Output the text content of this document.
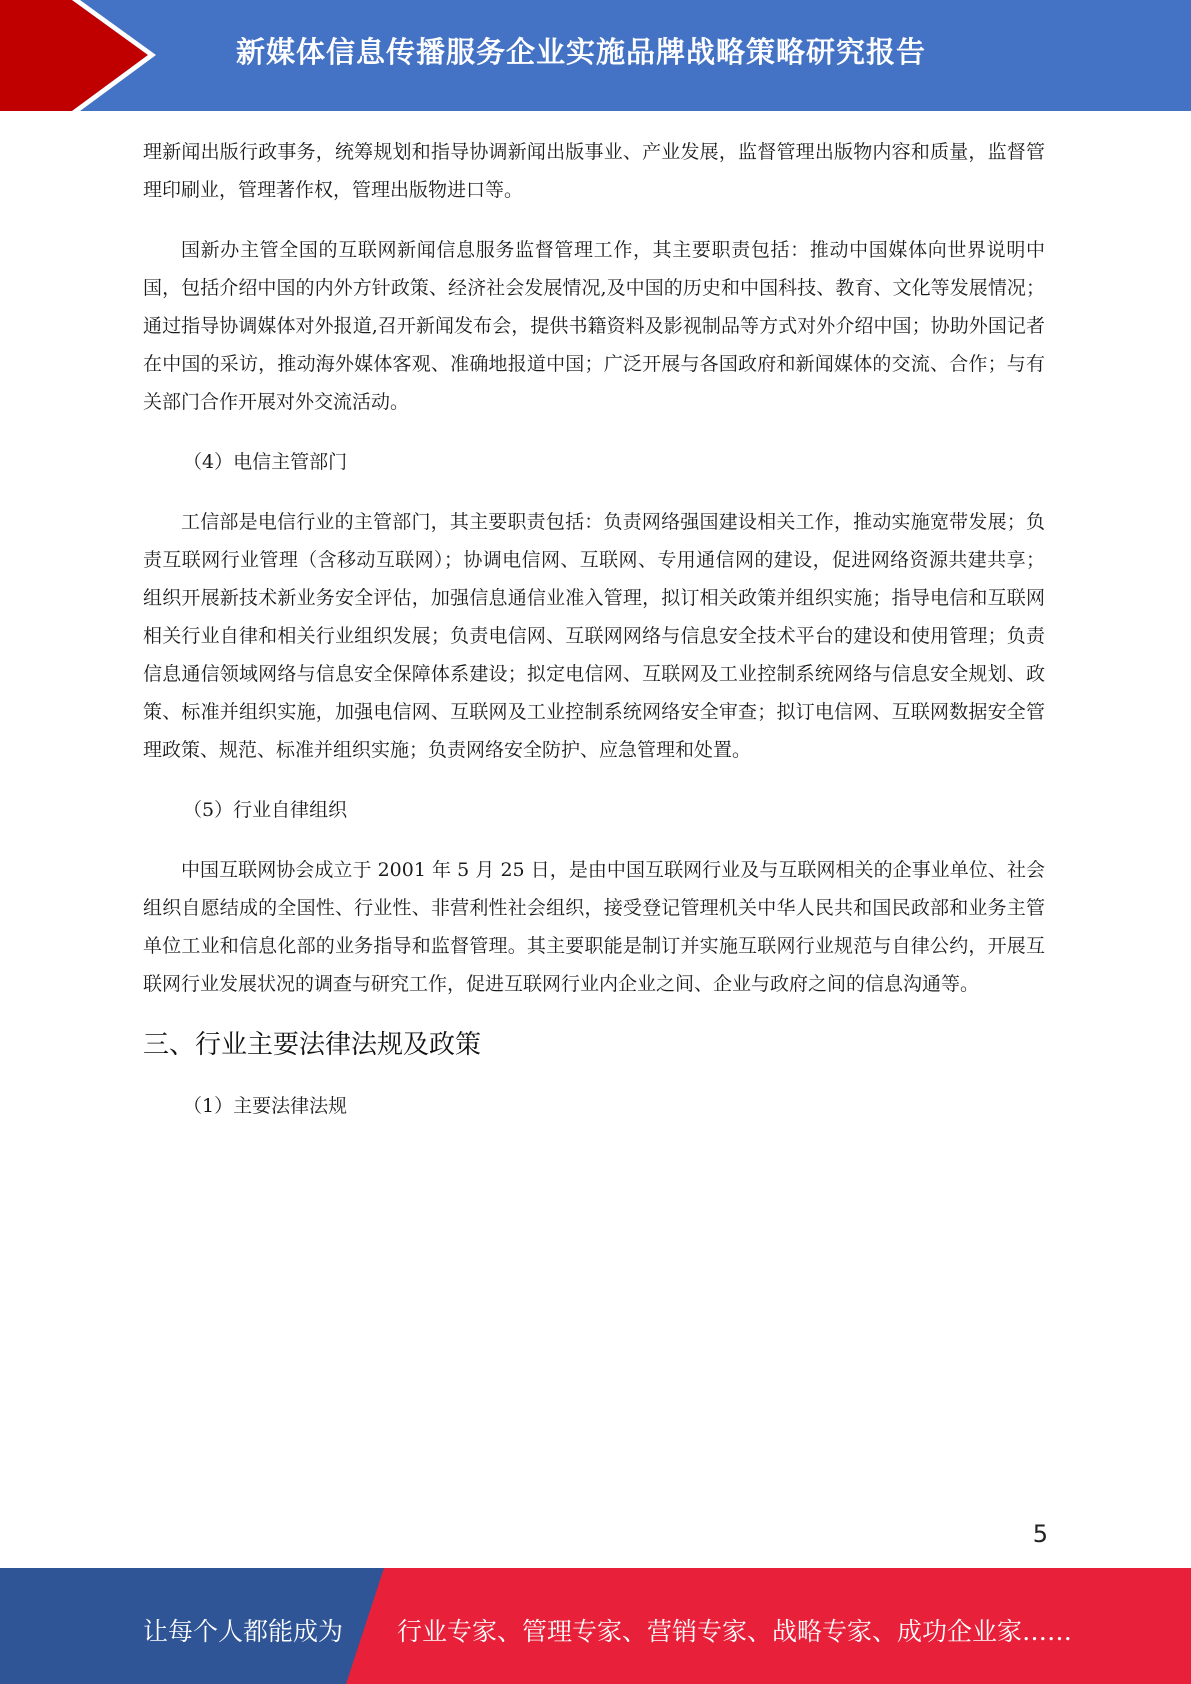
新媒体信息传播服务企业实施品牌战略策略研究报告

理新闻出版行政事务，统筹规划和指导协调新闻出版事业、产业发展，监督管理出版物内容和质量，监督管理印刷业，管理著作权，管理出版物进口等。

国新办主管全国的互联网新闻信息服务监督管理工作，其主要职责包括：推动中国媒体向世界说明中国，包括介绍中国的内外方针政策、经济社会发展情况,及中国的历史和中国科技、教育、文化等发展情况；通过指导协调媒体对外报道,召开新闻发布会，提供书籍资料及影视制品等方式对外介绍中国；协助外国记者在中国的采访，推动海外媒体客观、准确地报道中国；广泛开展与各国政府和新闻媒体的交流、合作；与有关部门合作开展对外交流活动。

（4）电信主管部门

工信部是电信行业的主管部门，其主要职责包括：负责网络强国建设相关工作，推动实施宽带发展；负责互联网行业管理（含移动互联网）；协调电信网、互联网、专用通信网的建设，促进网络资源共建共享；组织开展新技术新业务安全评估，加强信息通信业准入管理，拟订相关政策并组织实施；指导电信和互联网相关行业自律和相关行业组织发展；负责电信网、互联网网络与信息安全技术平台的建设和使用管理；负责信息通信领域网络与信息安全保障体系建设；拟定电信网、互联网及工业控制系统网络与信息安全规划、政策、标准并组织实施，加强电信网、互联网及工业控制系统网络安全审查；拟订电信网、互联网数据安全管理政策、规范、标准并组织实施；负责网络安全防护、应急管理和处置。

（5）行业自律组织

中国互联网协会成立于 2001 年 5 月 25 日，是由中国互联网行业及与互联网相关的企事业单位、社会组织自愿结成的全国性、行业性、非营利性社会组织，接受登记管理机关中华人民共和国民政部和业务主管单位工业和信息化部的业务指导和监督管理。其主要职能是制订并实施互联网行业规范与自律公约，开展互联网行业发展状况的调查与研究工作，促进互联网行业内企业之间、企业与政府之间的信息沟通等。

三、行业主要法律法规及政策
（1）主要法律法规
5
让每个人都能成为 行业专家、管理专家、营销专家、战略专家、成功企业家……
